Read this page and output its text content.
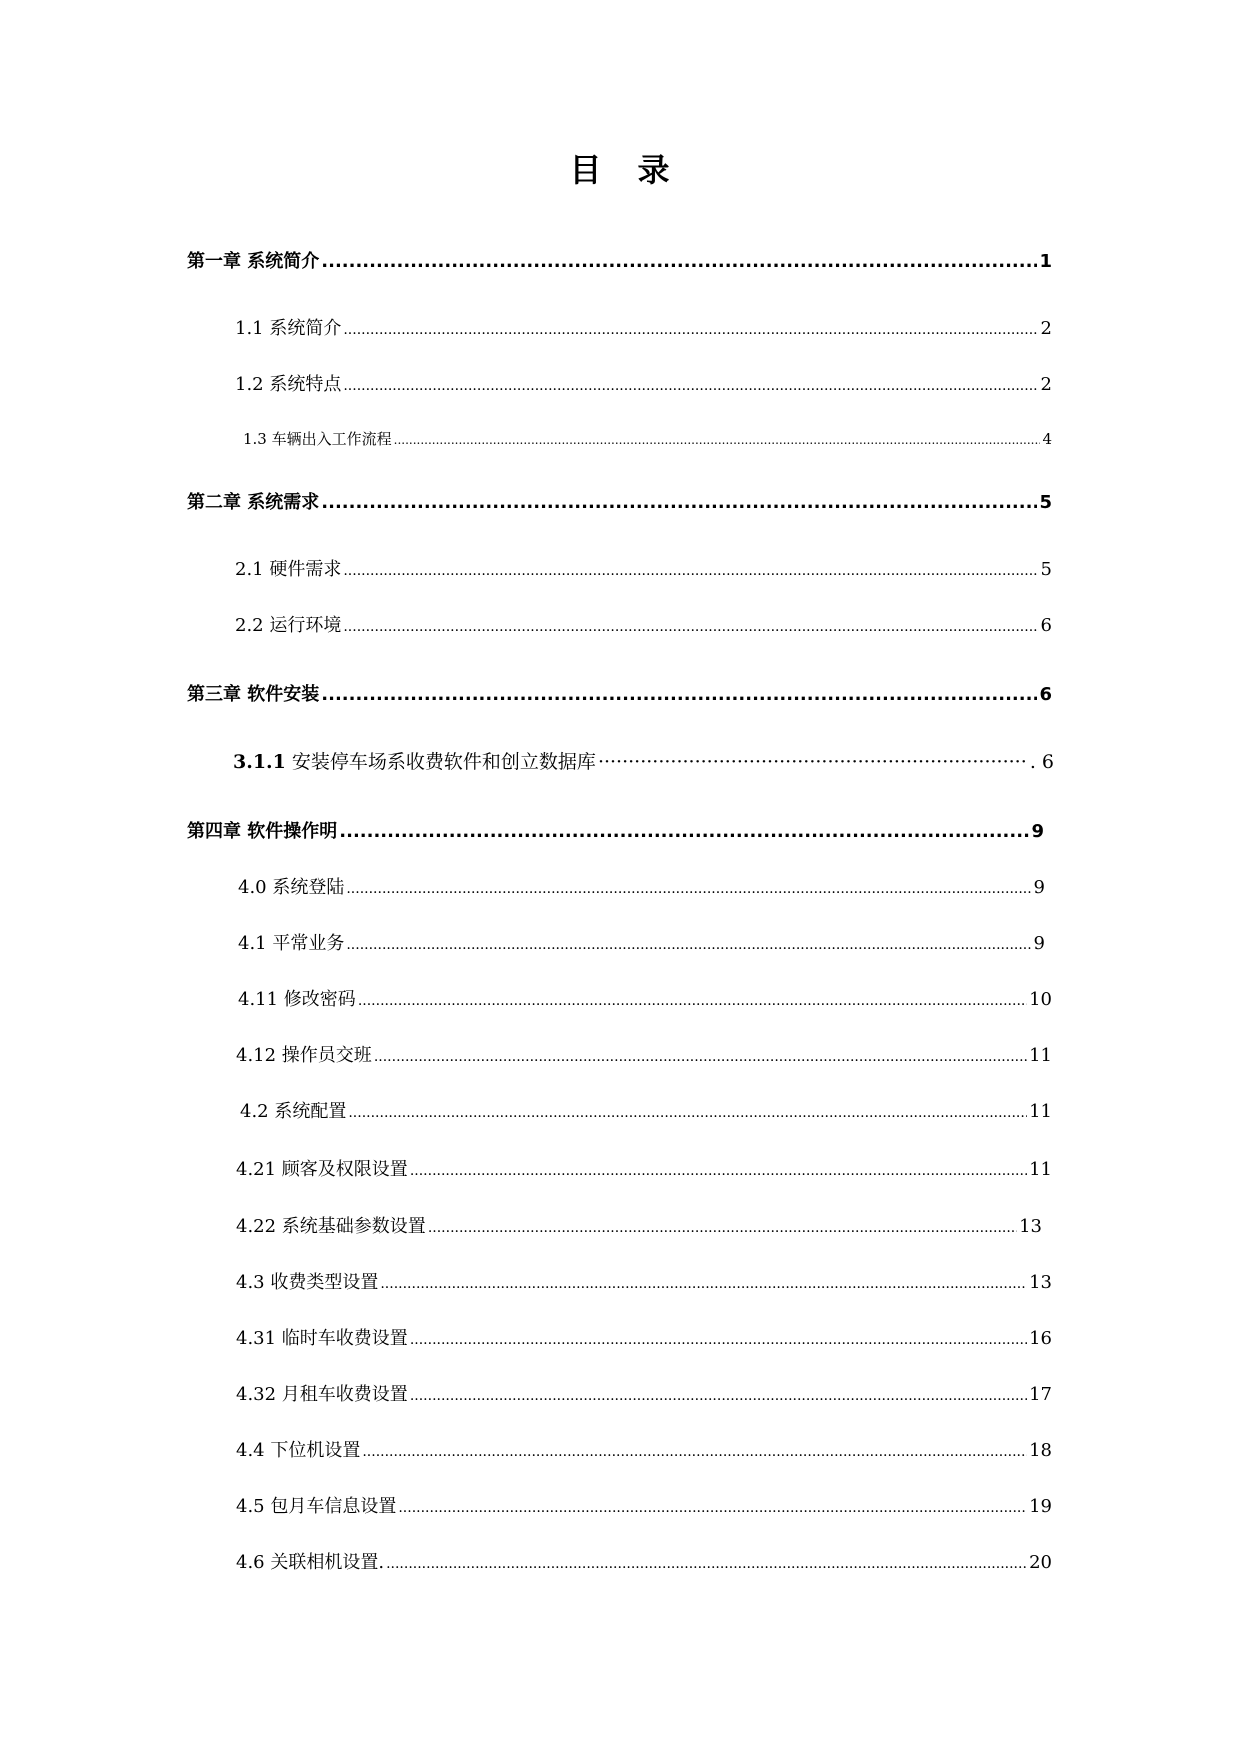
目　录
第一章 系统简介 .....	1
1.1 系统简介 .....	2
1.2 系统特点 .....	2
1.3 车辆出入工作流程 .....	4
第二章 系统需求 .....	5
2.1 硬件需求 .....	5
2.2 运行环境 .....	6
第三章 软件安装 .....	6
3.1.1 安装停车场系收费软件和创立数据库 ·····	. 6
第四章 软件操作明 .....	9
4.0 系统登陆 .....	9
4.1 平常业务 .....	9
4.11 修改密码 .....	10
4.12 操作员交班 .....	11
4.2 系统配置 .....	11
4.21 顾客及权限设置 .....	11
4.22 系统基础参数设置 .....	13
4.3 收费类型设置 .....	13
4.31 临时车收费设置 .....	16
4.32 月租车收费设置 .....	17
4.4 下位机设置 .....	18
4.5 包月车信息设置 .....	19
4.6 关联相机设置. .....	20
